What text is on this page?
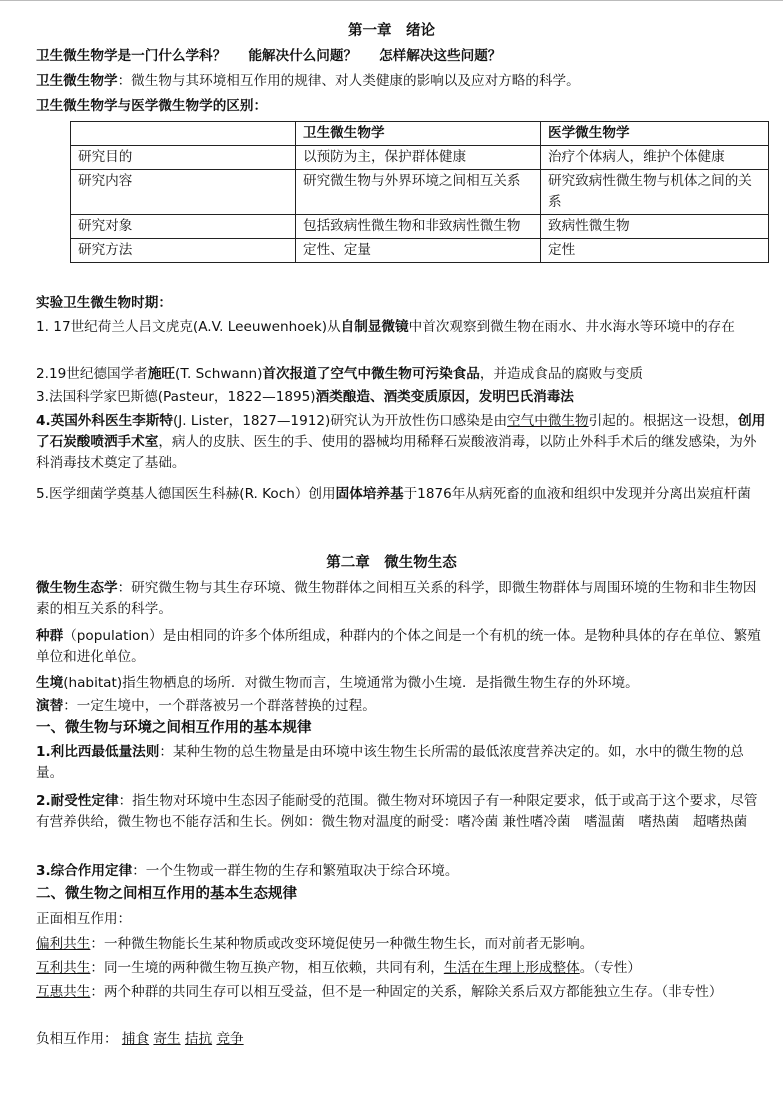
第一章　绪论
卫生微生物学是一门什么学科？ 能解决什么问题？ 怎样解决这些问题？
卫生微生物学：微生物与其环境相互作用的规律、对人类健康的影响以及应对方略的科学。
卫生微生物学与医学微生物学的区别：
	卫生微生物学	医学微生物学
研究目的	以预防为主，保护群体健康	治疗个体病人，维护个体健康
研究内容	研究微生物与外界环境之间相互关系	研究致病性微生物与机体之间的关系
研究对象	包括致病性微生物和非致病性微生物	致病性微生物
研究方法	定性、定量	定性
实验卫生微生物时期：
1. 17世纪荷兰人吕文虎克(A.V. Leeuwenhoek)从自制显微镜中首次观察到微生物在雨水、井水海水等环境中的存在
2.19世纪德国学者施旺(T. Schwann)首次报道了空气中微生物可污染食品，并造成食品的腐败与变质
3.法国科学家巴斯德(Pasteur，1822—1895)酒类酿造、酒类变质原因，发明巴氏消毒法
4.英国外科医生李斯特(J. Lister，1827—1912)研究认为开放性伤口感染是由空气中微生物引起的。根据这一设想，创用了石炭酸喷洒手术室，病人的皮肤、医生的手、使用的器械均用稀释石炭酸液消毒，以防止外科手术后的继发感染，为外科消毒技术奠定了基础。
5.医学细菌学奠基人德国医生科赫(R. Koch）创用固体培养基于1876年从病死畜的血液和组织中发现并分离出炭疽杆菌
第二章　微生物生态
微生物生态学：研究微生物与其生存环境、微生物群体之间相互关系的科学，即微生物群体与周围环境的生物和非生物因素的相互关系的科学。
种群（population）是由相同的许多个体所组成，种群内的个体之间是一个有机的统一体。是物种具体的存在单位、繁殖单位和进化单位。
生境(habitat)指生物栖息的场所．对微生物而言，生境通常为微小生境．是指微生物生存的外环境。
演替：一定生境中，一个群落被另一个群落替换的过程。
一、微生物与环境之间相互作用的基本规律
1.利比西最低量法则：某种生物的总生物量是由环境中该生物生长所需的最低浓度营养决定的。如，水中的微生物的总量。
2.耐受性定律：指生物对环境中生态因子能耐受的范围。微生物对环境因子有一种限定要求，低于或高于这个要求，尽管有营养供给，微生物也不能存活和生长。例如：微生物对温度的耐受：嗜冷菌 兼性嗜冷菌　嗜温菌　嗜热菌　超嗜热菌
3.综合作用定律：一个生物或一群生物的生存和繁殖取决于综合环境。
二、微生物之间相互作用的基本生态规律
正面相互作用：
偏利共生：一种微生物能长生某种物质或改变环境促使另一种微生物生长，而对前者无影响。
互利共生：同一生境的两种微生物互换产物，相互依赖，共同有利，生活在生理上形成整体。（专性）
互惠共生：两个种群的共同生存可以相互受益，但不是一种固定的关系，解除关系后双方都能独立生存。（非专性）
负相互作用： 捕食 寄生 拮抗 竞争
